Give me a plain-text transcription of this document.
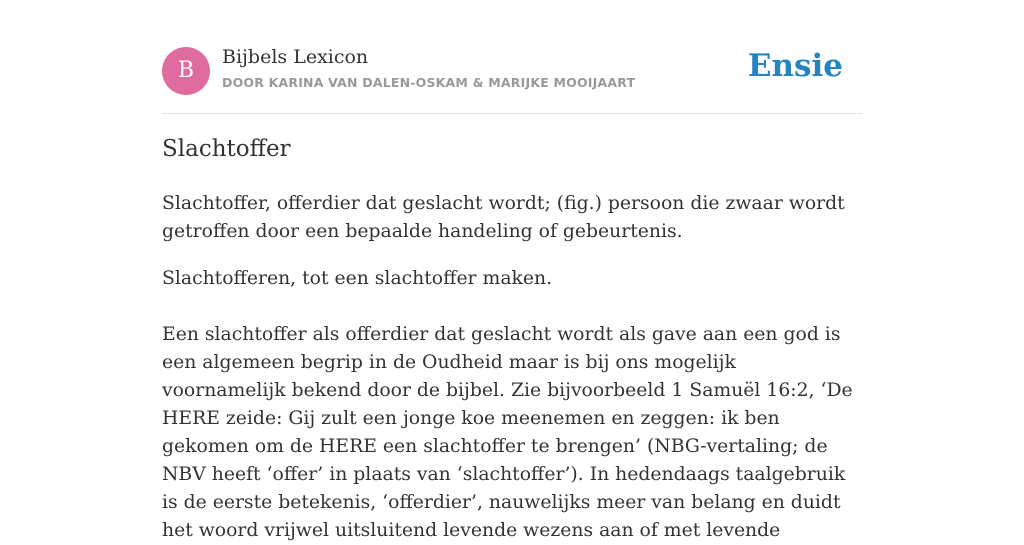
B
Bijbels Lexicon
DOOR KARINA VAN DALEN-OSKAM & MARIJKE MOOIJAART	Ensie
Slachtoffer

Slachtoffer, offerdier dat geslacht wordt; (fig.) persoon die zwaar wordt getroffen door een bepaalde handeling of gebeurtenis.

Slachtofferen, tot een slachtoffer maken.

Een slachtoffer als offerdier dat geslacht wordt als gave aan een god is een algemeen begrip in de Oudheid maar is bij ons mogelijk voornamelijk bekend door de bijbel. Zie bijvoorbeeld 1 Samuël 16:2, ‘De HERE zeide: Gij zult een jonge koe meenemen en zeggen: ik ben gekomen om de HERE een slachtoffer te brengen’ (NBG-vertaling; de NBV heeft ‘offer’ in plaats van ‘slachtoffer’). In hedendaags taalgebruik is de eerste betekenis, ‘offerdier’, nauwelijks meer van belang en duidt het woord vrijwel uitsluitend levende wezens aan of met levende
